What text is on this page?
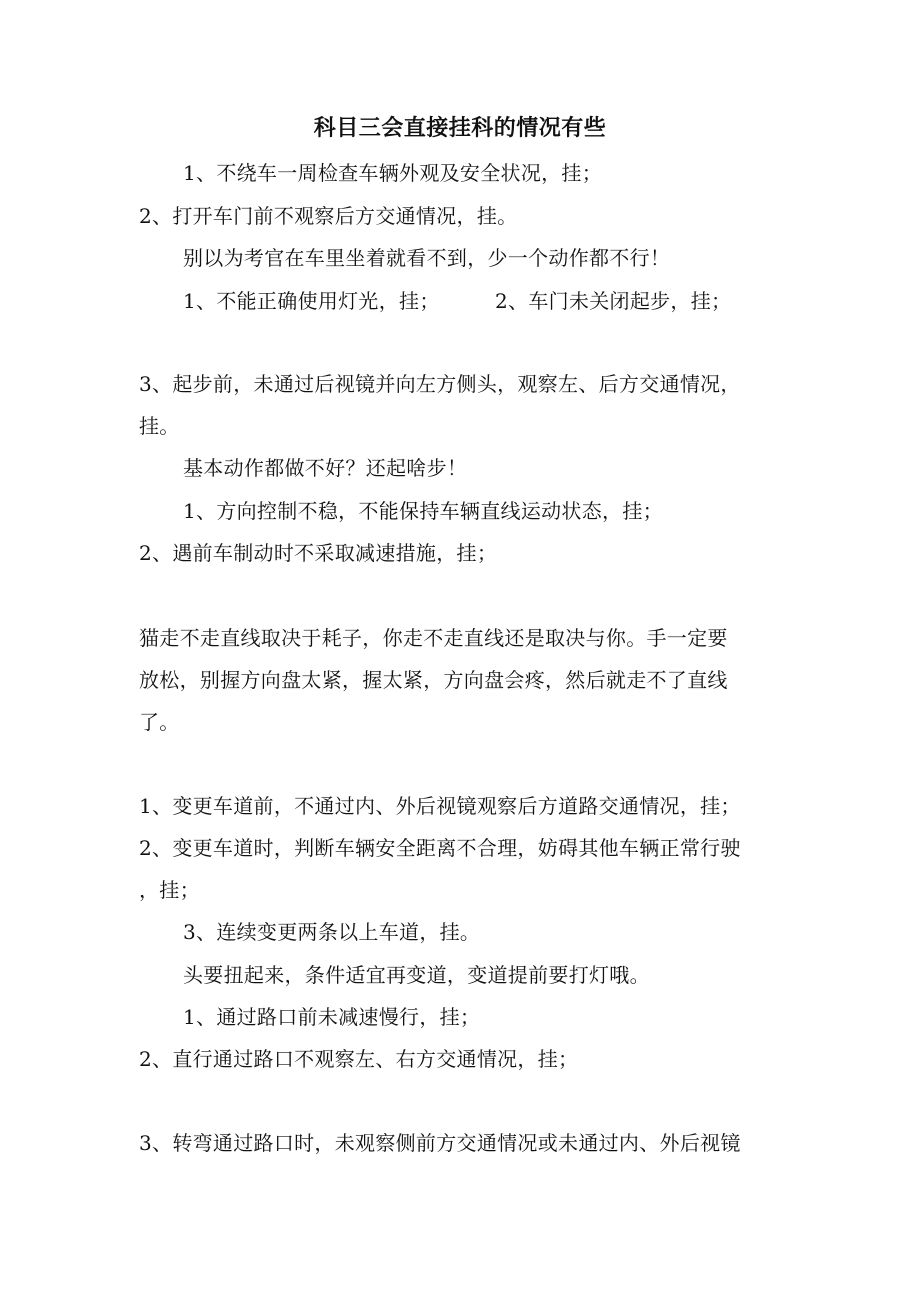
科目三会直接挂科的情况有些
1、不绕车一周检查车辆外观及安全状况，挂；
2、打开车门前不观察后方交通情况，挂。
别以为考官在车里坐着就看不到，少一个动作都不行！
1、不能正确使用灯光，挂；	2、车门未关闭起步，挂；
3、起步前，未通过后视镜并向左方侧头，观察左、后方交通情况，
挂。
基本动作都做不好？还起啥步！
1、方向控制不稳，不能保持车辆直线运动状态，挂；
2、遇前车制动时不采取减速措施，挂；
猫走不走直线取决于耗子，你走不走直线还是取决与你。手一定要
放松，别握方向盘太紧，握太紧，方向盘会疼，然后就走不了直线
了。
1、变更车道前，不通过内、外后视镜观察后方道路交通情况，挂；
2、变更车道时，判断车辆安全距离不合理，妨碍其他车辆正常行驶
，挂；
3、连续变更两条以上车道，挂。
头要扭起来，条件适宜再变道，变道提前要打灯哦。
1、通过路口前未减速慢行，挂；
2、直行通过路口不观察左、右方交通情况，挂；
3、转弯通过路口时，未观察侧前方交通情况或未通过内、外后视镜
